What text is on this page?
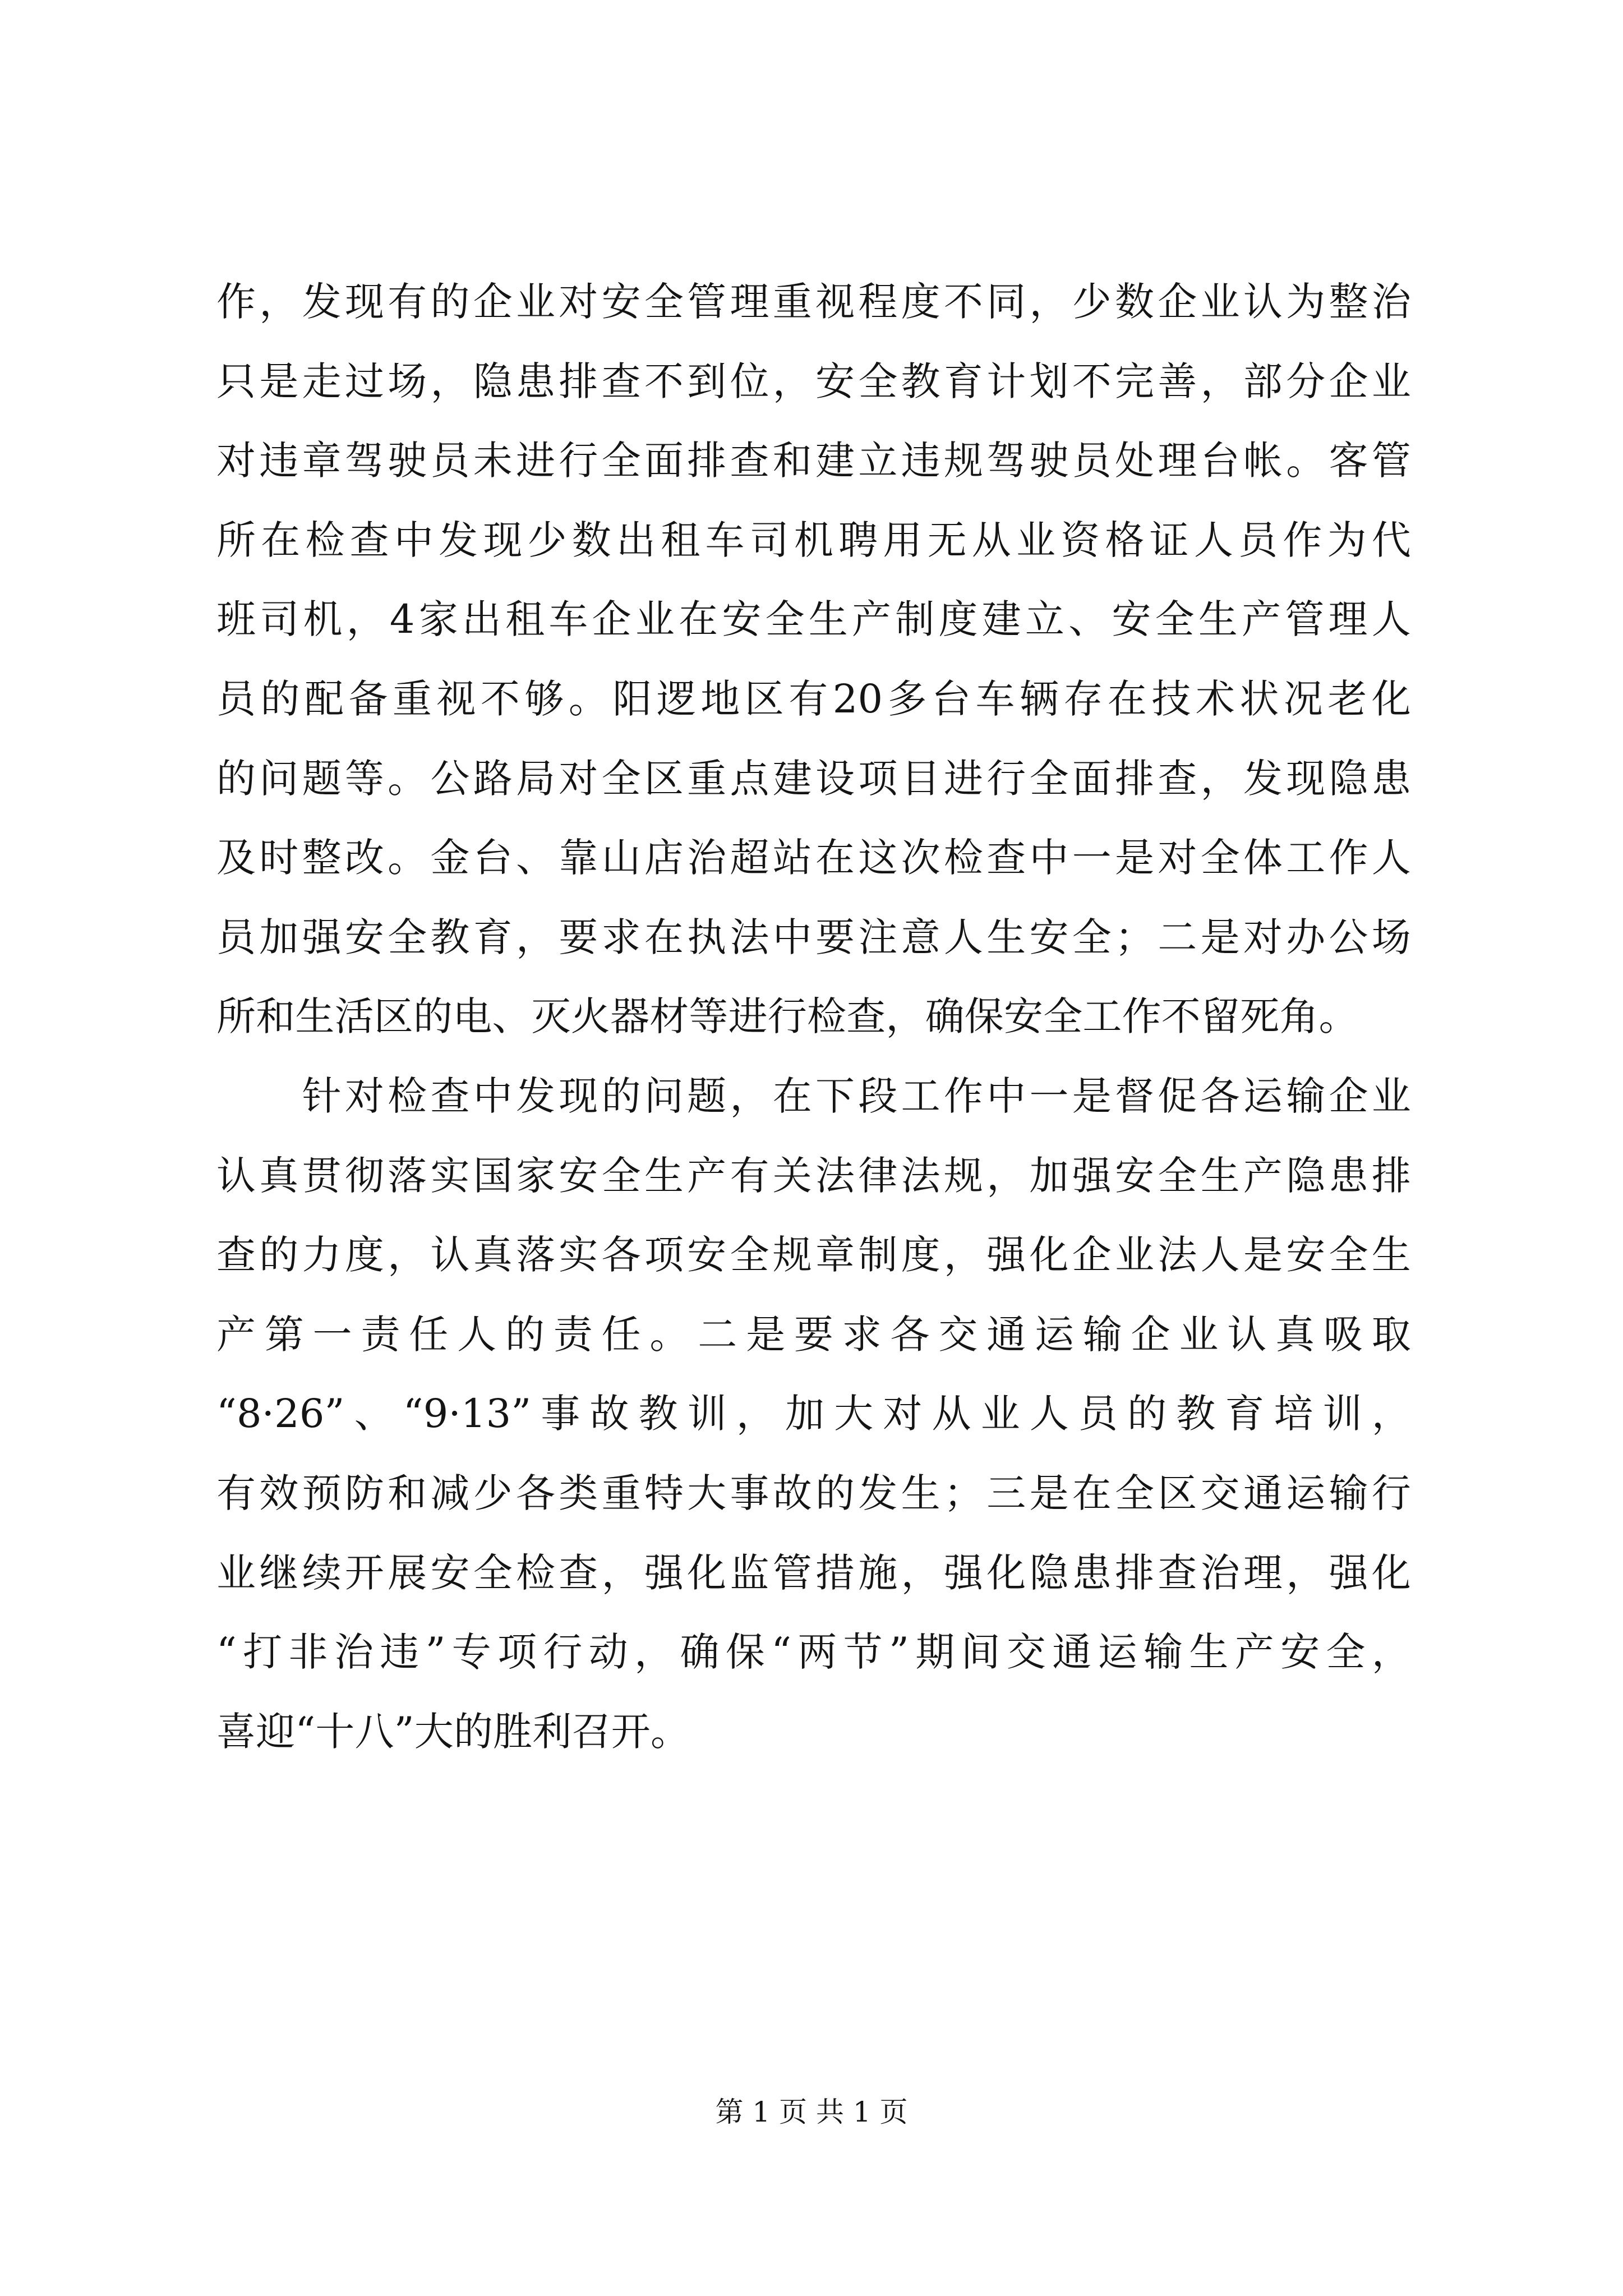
作，发现有的企业对安全管理重视程度不同，少数企业认为整治
只是走过场，隐患排查不到位，安全教育计划不完善，部分企业
对违章驾驶员未进行全面排查和建立违规驾驶员处理台帐。客管
所在检查中发现少数出租车司机聘用无从业资格证人员作为代
班司机，4家出租车企业在安全生产制度建立、安全生产管理人
员的配备重视不够。阳逻地区有20多台车辆存在技术状况老化
的问题等。公路局对全区重点建设项目进行全面排查，发现隐患
及时整改。金台、靠山店治超站在这次检查中一是对全体工作人
员加强安全教育，要求在执法中要注意人生安全；二是对办公场
所和生活区的电、灭火器材等进行检查，确保安全工作不留死角。
　　针对检查中发现的问题，在下段工作中一是督促各运输企业
认真贯彻落实国家安全生产有关法律法规，加强安全生产隐患排
查的力度，认真落实各项安全规章制度，强化企业法人是安全生
产第一责任人的责任。二是要求各交通运输企业认真吸取
“8·26”、“9·13”事故教训，加大对从业人员的教育培训，
有效预防和减少各类重特大事故的发生；三是在全区交通运输行
业继续开展安全检查，强化监管措施，强化隐患排查治理，强化
“打非治违”专项行动，确保“两节”期间交通运输生产安全，
喜迎“十八”大的胜利召开。
第 1 页 共 1 页
